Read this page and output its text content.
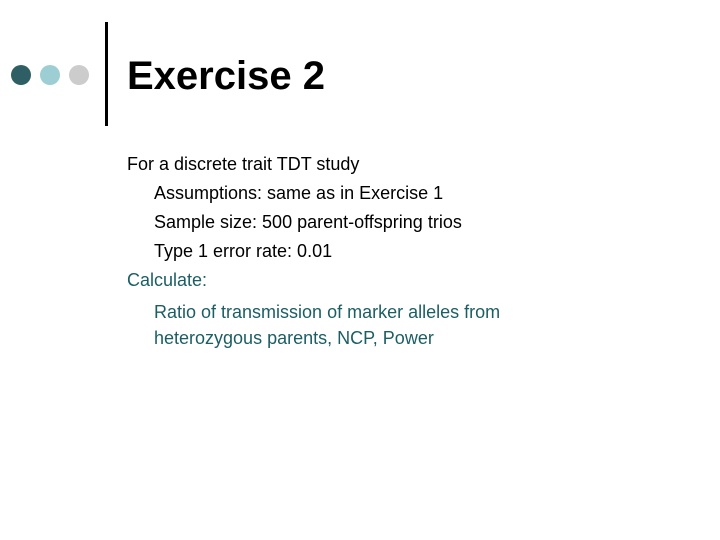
Exercise 2
For a discrete trait TDT study
Assumptions: same as in Exercise 1
Sample size: 500 parent-offspring trios
Type 1 error rate: 0.01
Calculate:
Ratio of transmission of marker alleles from heterozygous parents, NCP, Power
